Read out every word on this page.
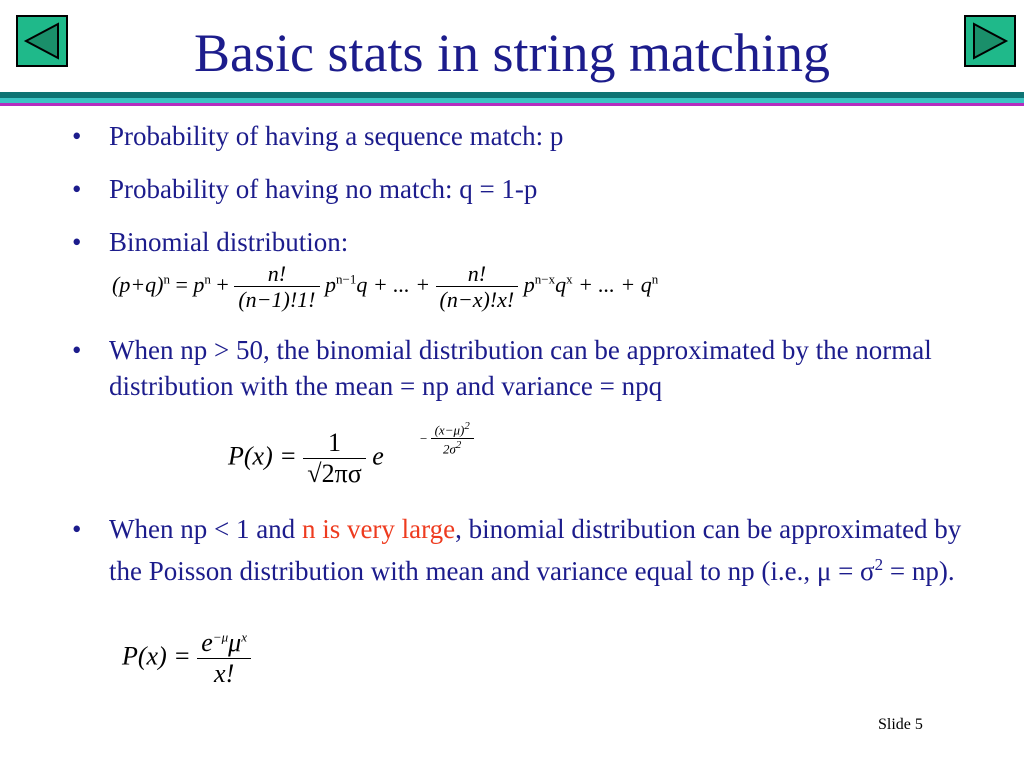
Basic stats in string matching
• Probability of having a sequence match: p
• Probability of having no match: q = 1-p
• Binomial distribution:
$(p+q)^n = p^n + \frac{n!}{(n-1)!1!} p^{n-1}q$ + ... + $\frac{n!}{(n-x)!x!} p^{n-x}q^x$ + ... + $q^n$
• When np > 50, the binomial distribution can be approximated by the normal distribution with the mean = np and variance = npq
$P(x) = \frac{1}{√2\pi\sigma}$ e
− $\frac{(x-\mu)^2}{2\sigma^2}$
• When np < 1 and n is very large, binomial distribution can be approximated by the Poisson distribution with mean and variance equal to np (i.e., $\mu = \sigma^2 = np$).
$P(x) = \frac{e^{-\mu}\mu^x}{x!}$
Slide 5
